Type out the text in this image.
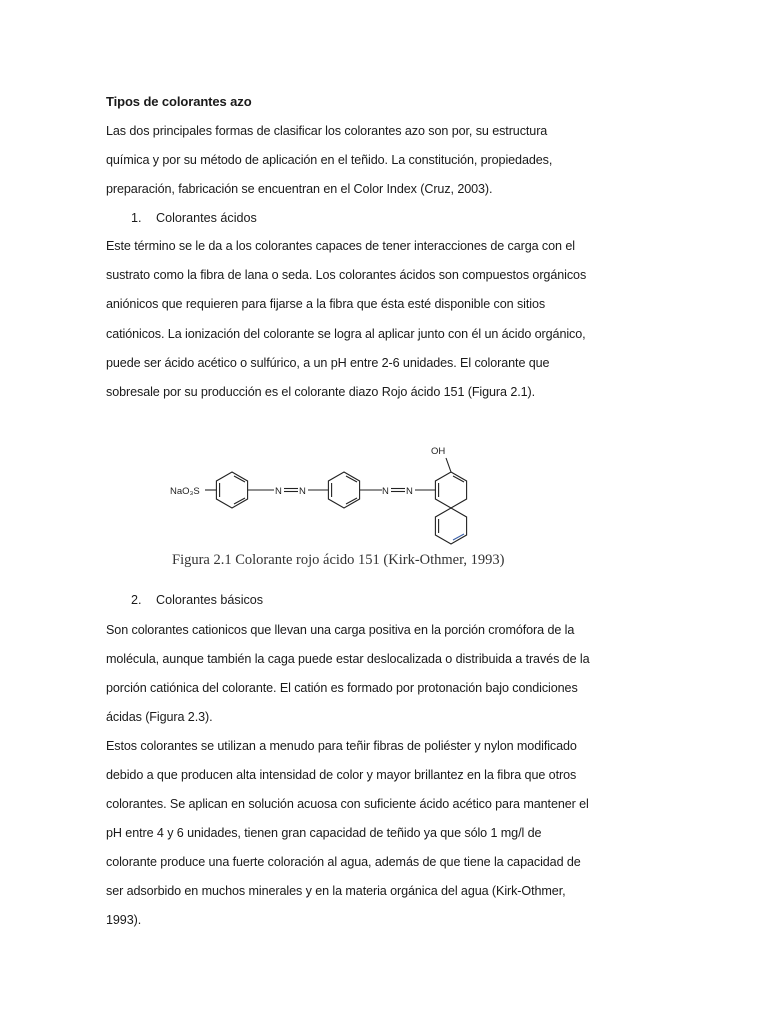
Tipos de colorantes azo

Las dos principales formas de clasificar los colorantes azo son por, su estructura

química y por su método de aplicación en el teñido. La constitución, propiedades,

preparación, fabricación se encuentran en el Color Index (Cruz, 2003).

1. Colorantes ácidos

Este término se le da a los colorantes capaces de tener interacciones de carga con el

sustrato como la fibra de lana o seda. Los colorantes ácidos son compuestos orgánicos

aniónicos que requieren para fijarse a la fibra que ésta esté disponible con sitios

catiónicos. La ionización del colorante se logra al aplicar junto con él un ácido orgánico,

puede ser ácido acético o sulfúrico, a un pH entre 2-6 unidades. El colorante que

sobresale por su producción es el colorante diazo Rojo ácido 151 (Figura 2.1).

NaO₃S	N N	N N
OH

Figura 2.1 Colorante rojo ácido 151 (Kirk-Othmer, 1993)

2. Colorantes básicos

Son colorantes cationicos que llevan una carga positiva en la porción cromófora de la

molécula, aunque también la caga puede estar deslocalizada o distribuida a través de la

porción catiónica del colorante. El catión es formado por protonación bajo condiciones

ácidas (Figura 2.3).

Estos colorantes se utilizan a menudo para teñir fibras de poliéster y nylon modificado

debido a que producen alta intensidad de color y mayor brillantez en la fibra que otros

colorantes. Se aplican en solución acuosa con suficiente ácido acético para mantener el

pH entre 4 y 6 unidades, tienen gran capacidad de teñido ya que sólo 1 mg/l de

colorante produce una fuerte coloración al agua, además de que tiene la capacidad de

ser adsorbido en muchos minerales y en la materia orgánica del agua (Kirk-Othmer,

1993).
